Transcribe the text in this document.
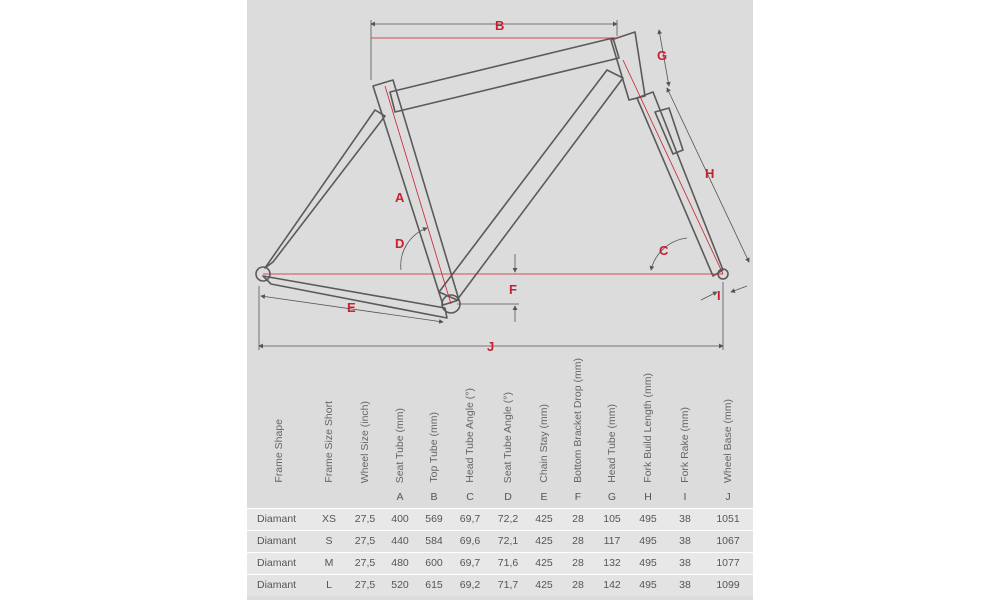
B
G
H
A
D	C
F
E
I
J
Frame Shape	Frame Size Short	Wheel Size (inch)	Seat Tube (mm)	Top Tube (mm)	Head Tube Angle (°)	Seat Tube Angle (°)	Chain Stay (mm)	Bottom Bracket Drop (mm)	Head Tube (mm)	Fork Build Length (mm)	Fork Rake (mm)	Wheel Base (mm)
			A	B	C	D	E	F	G	H	I	J
Diamant	XS	27,5	400	569	69,7	72,2	425	28	105	495	38	1051
Diamant	S	27,5	440	584	69,6	72,1	425	28	117	495	38	1067
Diamant	M	27,5	480	600	69,7	71,6	425	28	132	495	38	1077
Diamant	L	27,5	520	615	69,2	71,7	425	28	142	495	38	1099
